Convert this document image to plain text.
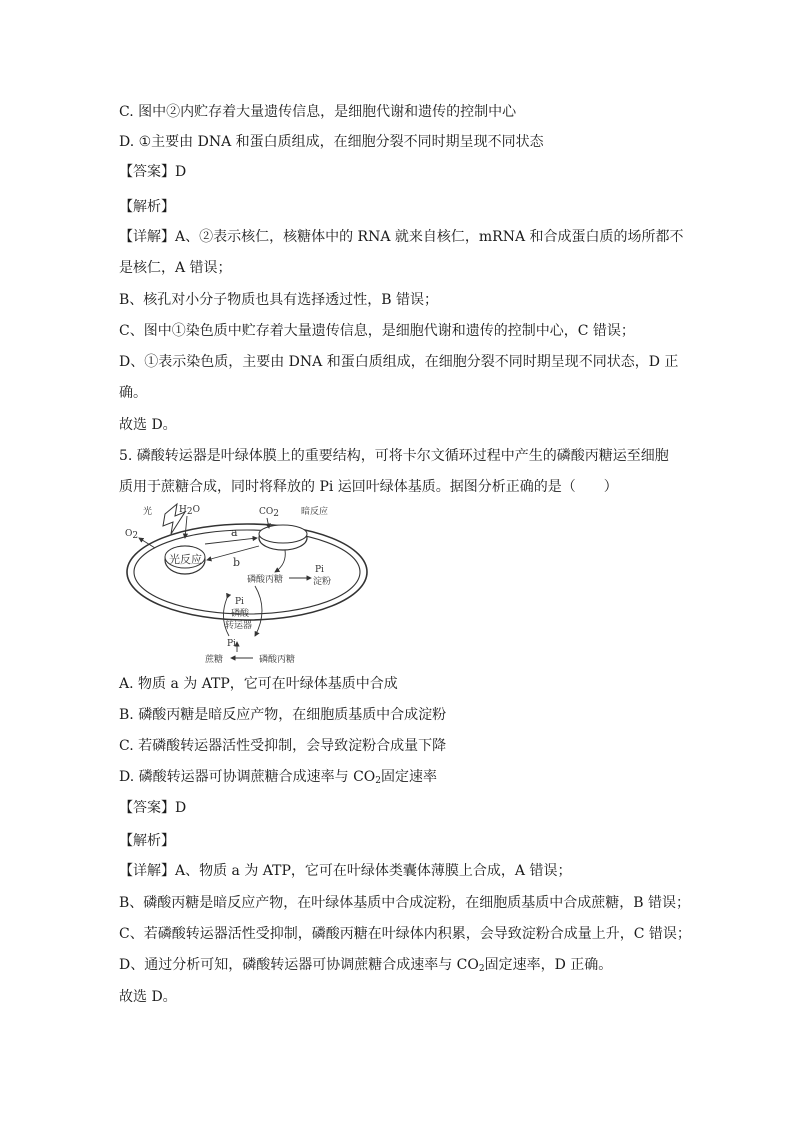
C. 图中②内贮存着大量遗传信息，是细胞代谢和遗传的控制中心
D. ①主要由 DNA 和蛋白质组成，在细胞分裂不同时期呈现不同状态
【答案】D
【解析】
【详解】A、②表示核仁，核糖体中的 RNA 就来自核仁，mRNA 和合成蛋白质的场所都不
是核仁，A 错误；
B、核孔对小分子物质也具有选择透过性，B 错误；
C、图中①染色质中贮存着大量遗传信息，是细胞代谢和遗传的控制中心，C 错误；
D、①表示染色质，主要由 DNA 和蛋白质组成，在细胞分裂不同时期呈现不同状态，D 正
确。
故选 D。
5. 磷酸转运器是叶绿体膜上的重要结构，可将卡尔文循环过程中产生的磷酸丙糖运至细胞
质用于蔗糖合成，同时将释放的 Pi 运回叶绿体基质。据图分析正确的是（　　）
光
O2
H2O
光反应
CO2 暗反应
a
b
磷酸丙糖
Pi
淀粉
Pi
磷酸
转运器
Pi
蔗糖	磷酸丙糖
A. 物质 a 为 ATP，它可在叶绿体基质中合成
B. 磷酸丙糖是暗反应产物，在细胞质基质中合成淀粉
C. 若磷酸转运器活性受抑制，会导致淀粉合成量下降
D. 磷酸转运器可协调蔗糖合成速率与 $CO_2$固定速率
【答案】D
【解析】
【详解】A、物质 a 为 ATP，它可在叶绿体类囊体薄膜上合成，A 错误；
B、磷酸丙糖是暗反应产物，在叶绿体基质中合成淀粉，在细胞质基质中合成蔗糖，B 错误；
C、若磷酸转运器活性受抑制，磷酸丙糖在叶绿体内积累，会导致淀粉合成量上升，C 错误；
D、通过分析可知，磷酸转运器可协调蔗糖合成速率与 $CO_2$固定速率，D 正确。
故选 D。
